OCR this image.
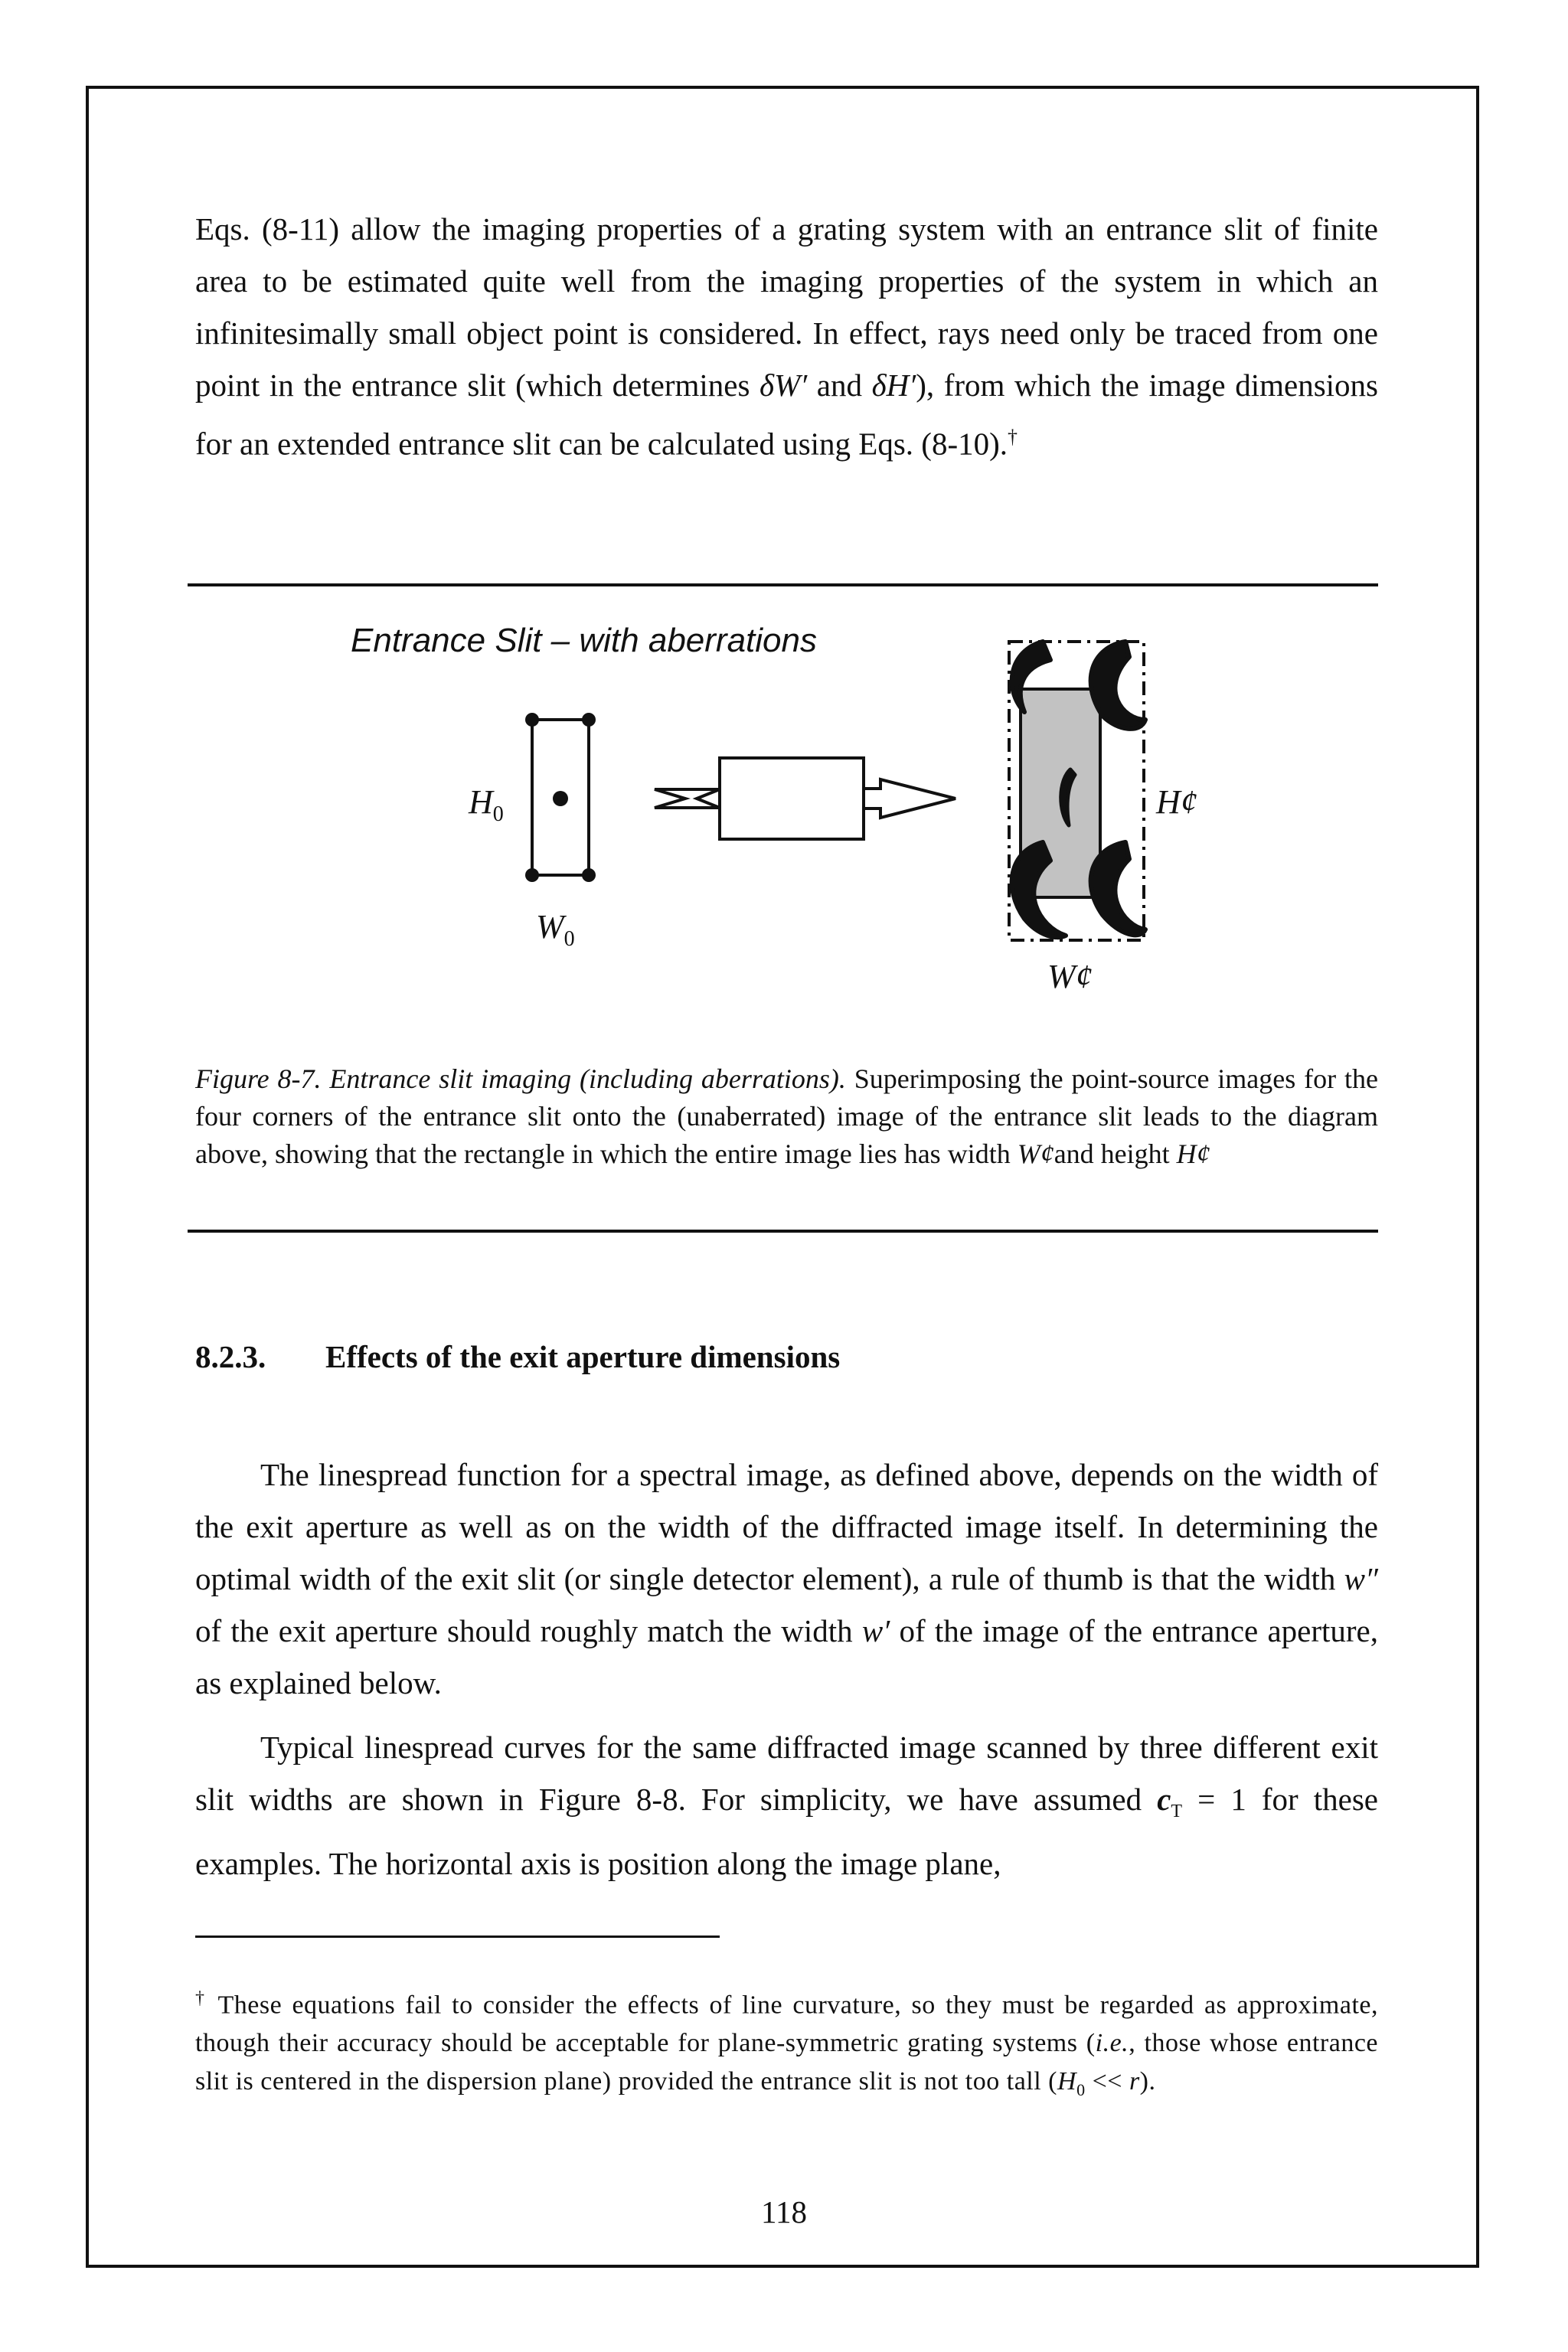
Eqs. (8-11) allow the imaging properties of a grating system with an entrance slit of finite area to be estimated quite well from the imaging properties of the system in which an infinitesimally small object point is considered. In effect, rays need only be traced from one point in the entrance slit (which determines δW′ and δH′), from which the image dimensions for an extended entrance slit can be calculated using Eqs. (8-10).†

Entrance Slit – with aberrations
$H_0$
$W_0$
H¢
W¢
Figure 8-7. Entrance slit imaging (including aberrations). Superimposing the point-source images for the four corners of the entrance slit onto the (unaberrated) image of the entrance slit leads to the diagram above, showing that the rectangle in which the entire image lies has width W¢and height H¢
8.2.3. Effects of the exit aperture dimensions

The linespread function for a spectral image, as defined above, depends on the width of the exit aperture as well as on the width of the diffracted image itself. In determining the optimal width of the exit slit (or single detector element), a rule of thumb is that the width w″ of the exit aperture should roughly match the width w′ of the image of the entrance aperture, as explained below.

Typical linespread curves for the same diffracted image scanned by three different exit slit widths are shown in Figure 8-8. For simplicity, we have assumed $c_T = 1$ for these examples. The horizontal axis is position along the image plane,

† These equations fail to consider the effects of line curvature, so they must be regarded as approximate, though their accuracy should be acceptable for plane-symmetric grating systems (i.e., those whose entrance slit is centered in the dispersion plane) provided the entrance slit is not too tall $(H_0 << r)$.
118
